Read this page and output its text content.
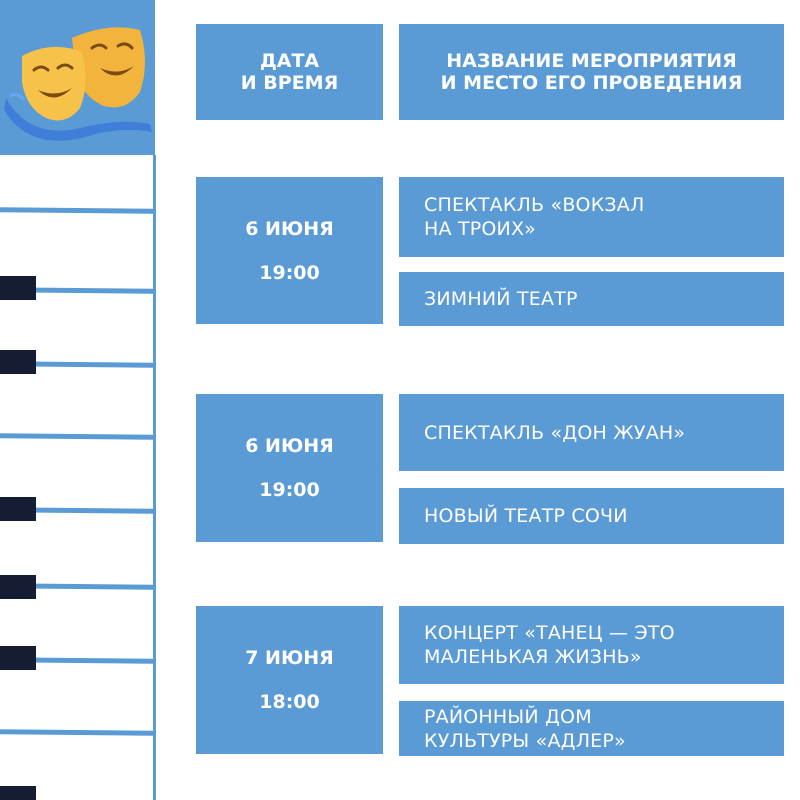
ДАТА
И ВРЕМЯ
НАЗВАНИЕ МЕРОПРИЯТИЯ
И МЕСТО ЕГО ПРОВЕДЕНИЯ
6 ИЮНЯ
19:00
СПЕКТАКЛЬ «ВОКЗАЛ
НА ТРОИХ»
ЗИМНИЙ ТЕАТР
6 ИЮНЯ
19:00
СПЕКТАКЛЬ «ДОН ЖУАН»
НОВЫЙ ТЕАТР СОЧИ
7 ИЮНЯ
18:00
КОНЦЕРТ «ТАНЕЦ — ЭТО
МАЛЕНЬКАЯ ЖИЗНЬ»
РАЙОННЫЙ ДОМ
КУЛЬТУРЫ «АДЛЕР»
